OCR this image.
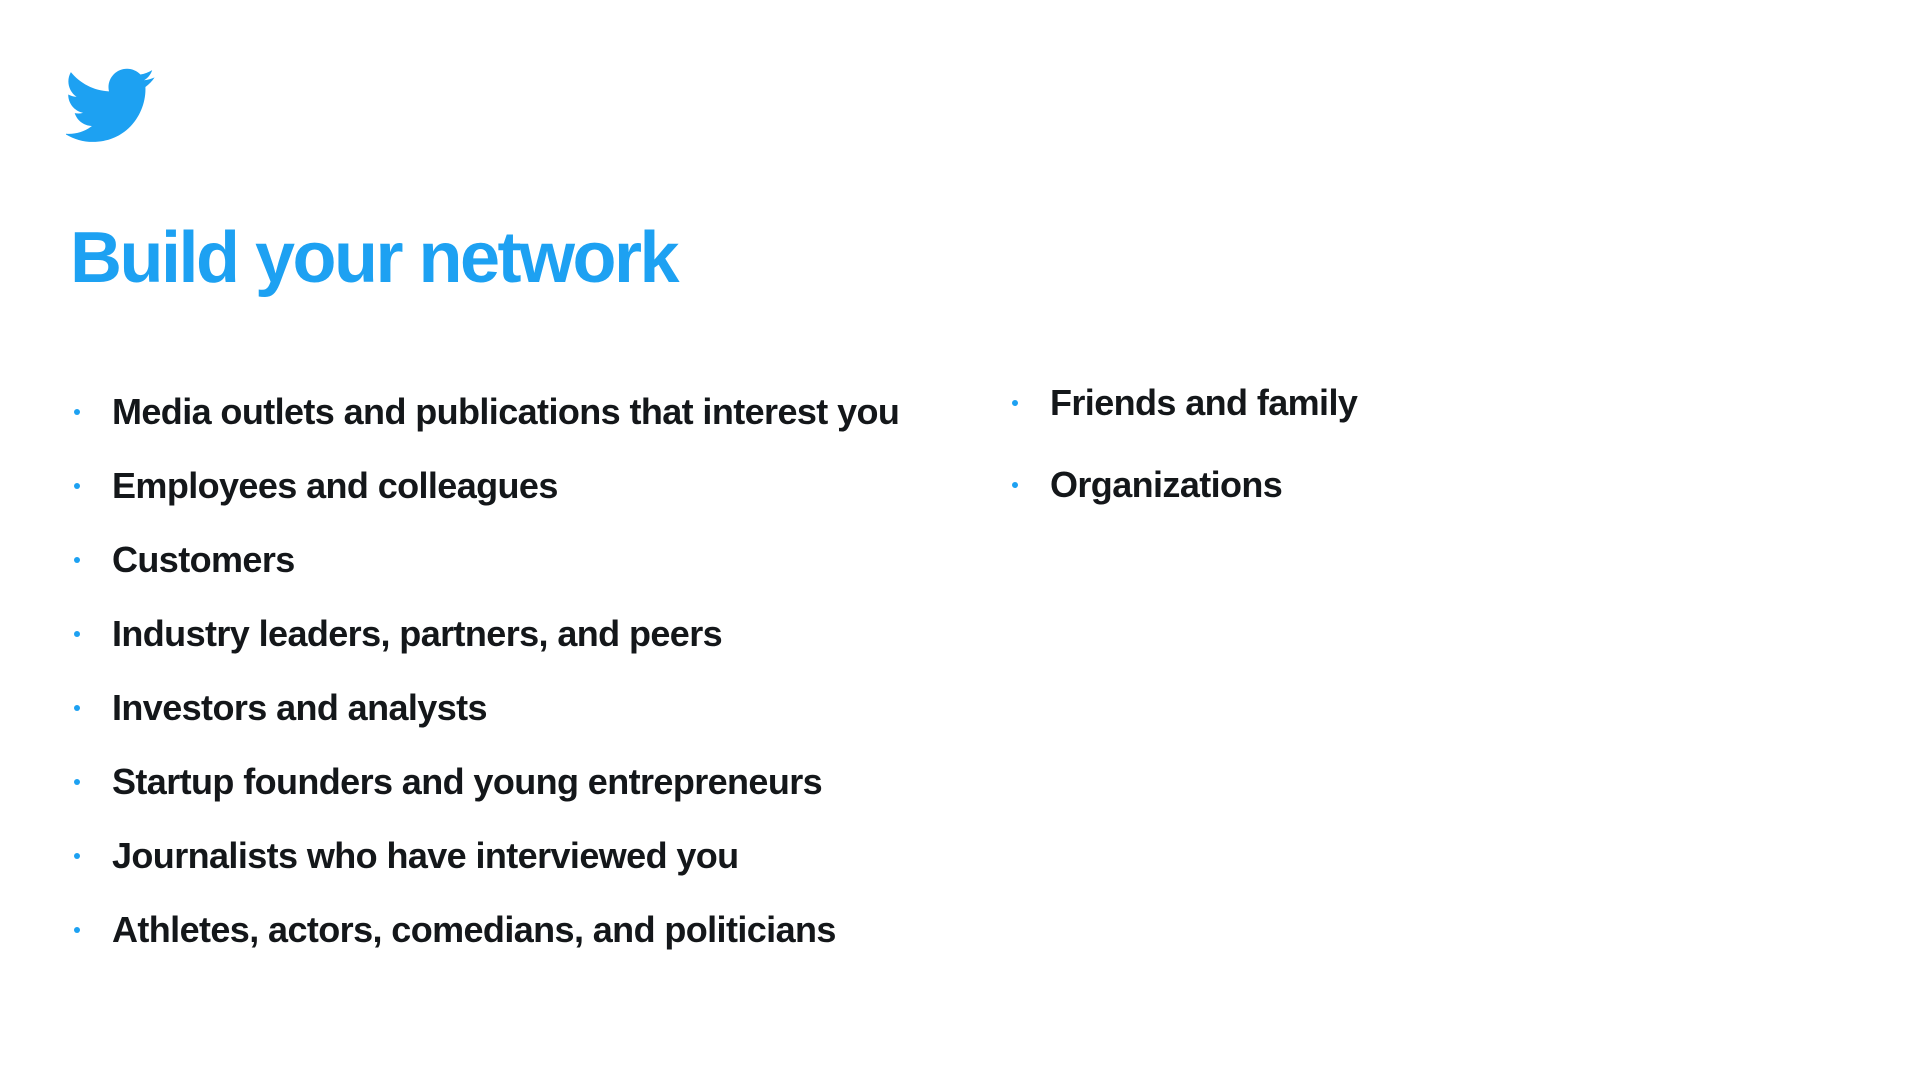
Build your network
Media outlets and publications that interest you
Employees and colleagues
Customers
Industry leaders, partners, and peers
Investors and analysts
Startup founders and young entrepreneurs
Journalists who have interviewed you
Athletes, actors, comedians, and politicians
Friends and family
Organizations
